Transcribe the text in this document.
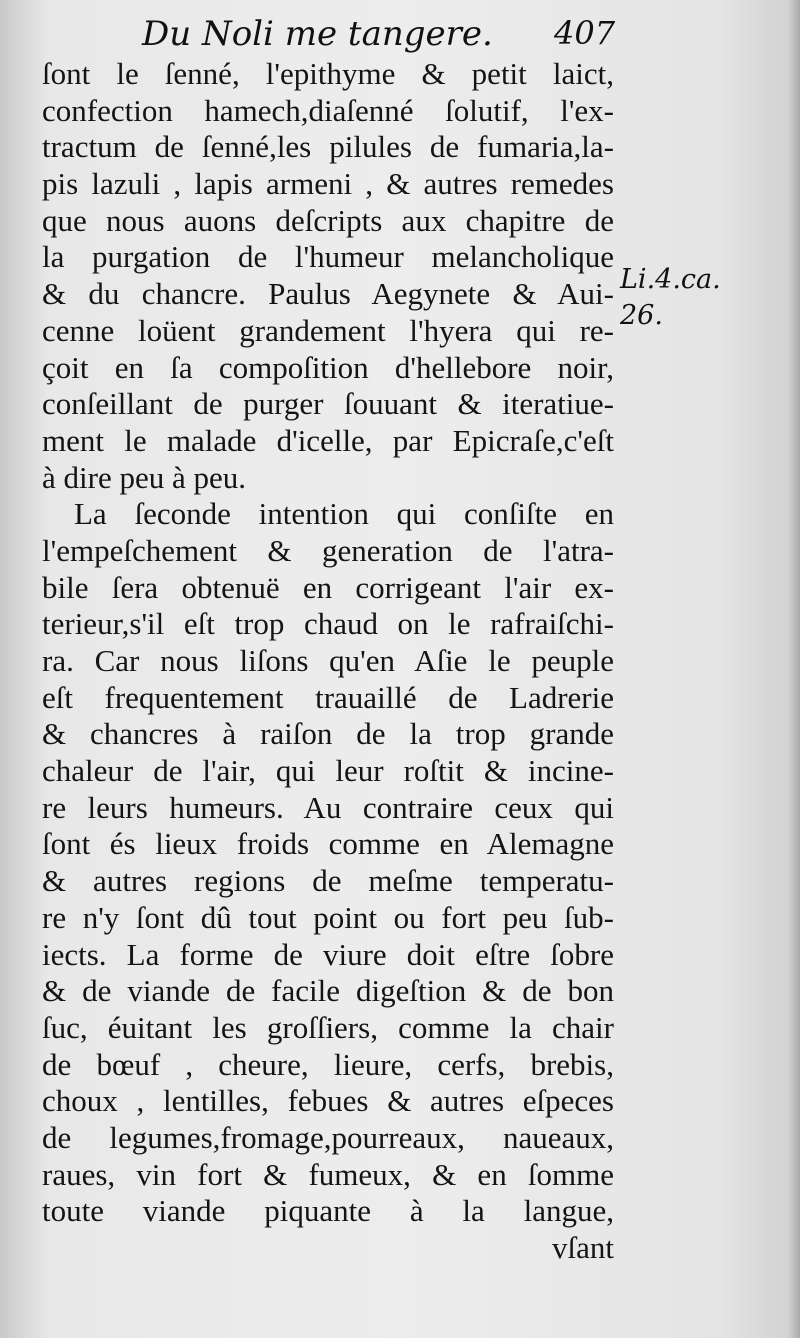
Du Noli me tangere. 407
Li.4.ca.
26.
ſont le ſenné, l'epithyme & petit laict,
confection hamech,diaſenné ſolutif, l'ex-
tractum de ſenné,les pilules de fumaria,la-
pis lazuli , lapis armeni , & autres remedes
que nous auons deſcripts aux chapitre de
la purgation de l'humeur melancholique
& du chancre. Paulus Aegynete & Aui-
cenne loüent grandement l'hyera qui re-
çoit en ſa compoſition d'hellebore noir,
conſeillant de purger ſouuant & iteratiue-
ment le malade d'icelle, par Epicraſe,c'eſt
à dire peu à peu.
La ſeconde intention qui conſiſte en
l'empeſchement & generation de l'atra-
bile ſera obtenuë en corrigeant l'air ex-
terieur,s'il eſt trop chaud on le rafraiſchi-
ra. Car nous liſons qu'en Aſie le peuple
eſt frequentement trauaillé de Ladrerie
& chancres à raiſon de la trop grande
chaleur de l'air, qui leur roſtit & incine-
re leurs humeurs. Au contraire ceux qui
ſont és lieux froids comme en Alemagne
& autres regions de meſme temperatu-
re n'y ſont dû tout point ou fort peu ſub-
iects. La forme de viure doit eſtre ſobre
& de viande de facile digeſtion & de bon
ſuc, éuitant les groſſiers, comme la chair
de bœuf , cheure, lieure, cerfs, brebis,
choux , lentilles, febues & autres eſpeces
de legumes,fromage,pourreaux, naueaux,
raues, vin fort & fumeux, & en ſomme
toute viande piquante à la langue,
vſant
